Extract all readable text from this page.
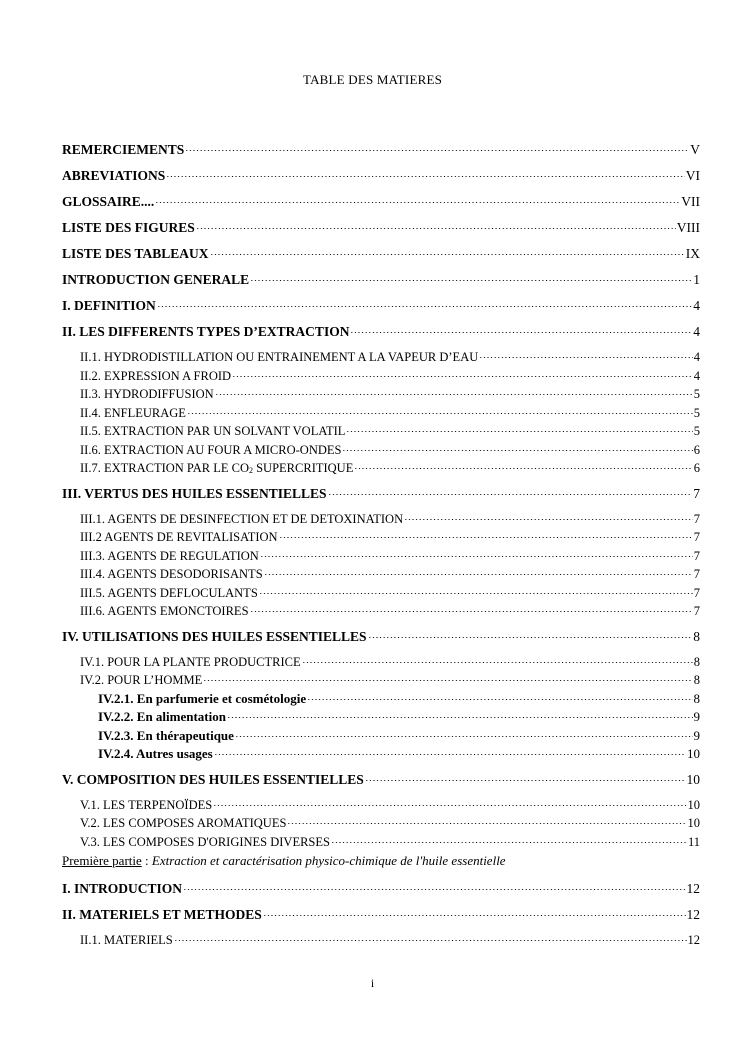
TABLE DES MATIERES
REMERCIEMENTS	V
ABREVIATIONS	VI
GLOSSAIRE....	VII
LISTE DES FIGURES	VIII
LISTE DES TABLEAUX	IX
INTRODUCTION GENERALE	1
I. DEFINITION	4
II. LES DIFFERENTS TYPES D’EXTRACTION	4
II.1. HYDRODISTILLATION OU ENTRAINEMENT A LA VAPEUR D’EAU	4
II.2. EXPRESSION A FROID	4
II.3. HYDRODIFFUSION	5
II.4. ENFLEURAGE	5
II.5. EXTRACTION PAR UN SOLVANT VOLATIL	5
II.6. EXTRACTION AU FOUR A MICRO-ONDES	6
II.7. EXTRACTION PAR LE $CO_2$ SUPERCRITIQUE	6
III. VERTUS DES HUILES ESSENTIELLES	7
III.1. AGENTS DE DESINFECTION ET DE DETOXINATION	7
III.2 AGENTS DE REVITALISATION	7
III.3. AGENTS DE REGULATION	7
III.4. AGENTS DESODORISANTS	7
III.5. AGENTS DEFLOCULANTS	7
III.6. AGENTS EMONCTOIRES	7
IV. UTILISATIONS DES HUILES ESSENTIELLES	8
IV.1. POUR LA PLANTE PRODUCTRICE	8
IV.2. POUR L’HOMME	8
IV.2.1. En parfumerie et cosmétologie	8
IV.2.2. En alimentation	9
IV.2.3. En thérapeutique	9
IV.2.4. Autres usages	10
V. COMPOSITION DES HUILES ESSENTIELLES	10
V.1. LES TERPENOÏDES	10
V.2. LES COMPOSES AROMATIQUES	10
V.3. LES COMPOSES D'ORIGINES DIVERSES	11
Première partie : Extraction et caractérisation physico-chimique de l'huile essentielle
I. INTRODUCTION	12
II. MATERIELS ET METHODES	12
II.1. MATERIELS	12
i
